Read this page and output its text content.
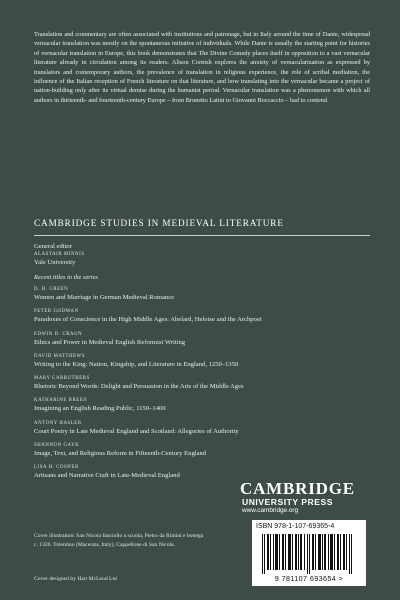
Translation and commentary are often associated with institutions and patronage, but in Italy around the time of Dante, widespread vernacular translation was mostly on the spontaneous initiative of individuals. While Dante is usually the starting point for histories of vernacular translation in Europe, this book demonstrates that The Divine Comedy places itself in opposition to a vast vernacular literature already in circulation among its readers. Alison Cornish explores the anxiety of vernacularization as expressed by translators and contemporary authors, the prevalence of translation in religious experience, the role of scribal mediation, the influence of the Italian reception of French literature on that literature, and how translating into the vernacular became a project of nation-building only after its virtual demise during the humanist period. Vernacular translation was a phenomenon with which all authors in thirteenth- and fourteenth-century Europe – from Brunetto Latini to Giovanni Boccaccio – had to contend.

CAMBRIDGE STUDIES IN MEDIEVAL LITERATURE
General editor
ALASTAIR MINNIS
Yale University
Recent titles in the series
D. H. GREEN
Women and Marriage in German Medieval Romance
PETER GODMAN
Paradoxes of Conscience in the High Middle Ages: Abelard, Heloise and the Archpoet
EDWIN D. CRAUN
Ethics and Power in Medieval English Reformist Writing
DAVID MATTHEWS
Writing to the King: Nation, Kingship, and Literature in England, 1250–1350
MARY CARRUTHERS
Rhetoric Beyond Words: Delight and Persuasion in the Arts of the Middle Ages
KATHARINE BREEN
Imagining an English Reading Public, 1150–1400
ANTONY HASLER
Court Poetry in Late Medieval England and Scotland: Allegories of Authority
SHANNON GAYK
Image, Text, and Religious Reform in Fifteenth-Century England
LISA H. COOPER
Artisans and Narrative Craft in Late-Medieval England
CAMBRIDGE
UNIVERSITY PRESS
www.cambridge.org
ISBN 978-1-107-69365-4
9 781107 693654 >
Cover illustration: San Nicola fanciullo a scuola, Pietro da Rimini e bottega c. 1326. Tolentino (Macerata, Italy), Cappellone di San Nicola.
Cover designed by Hart McLeod Ltd
